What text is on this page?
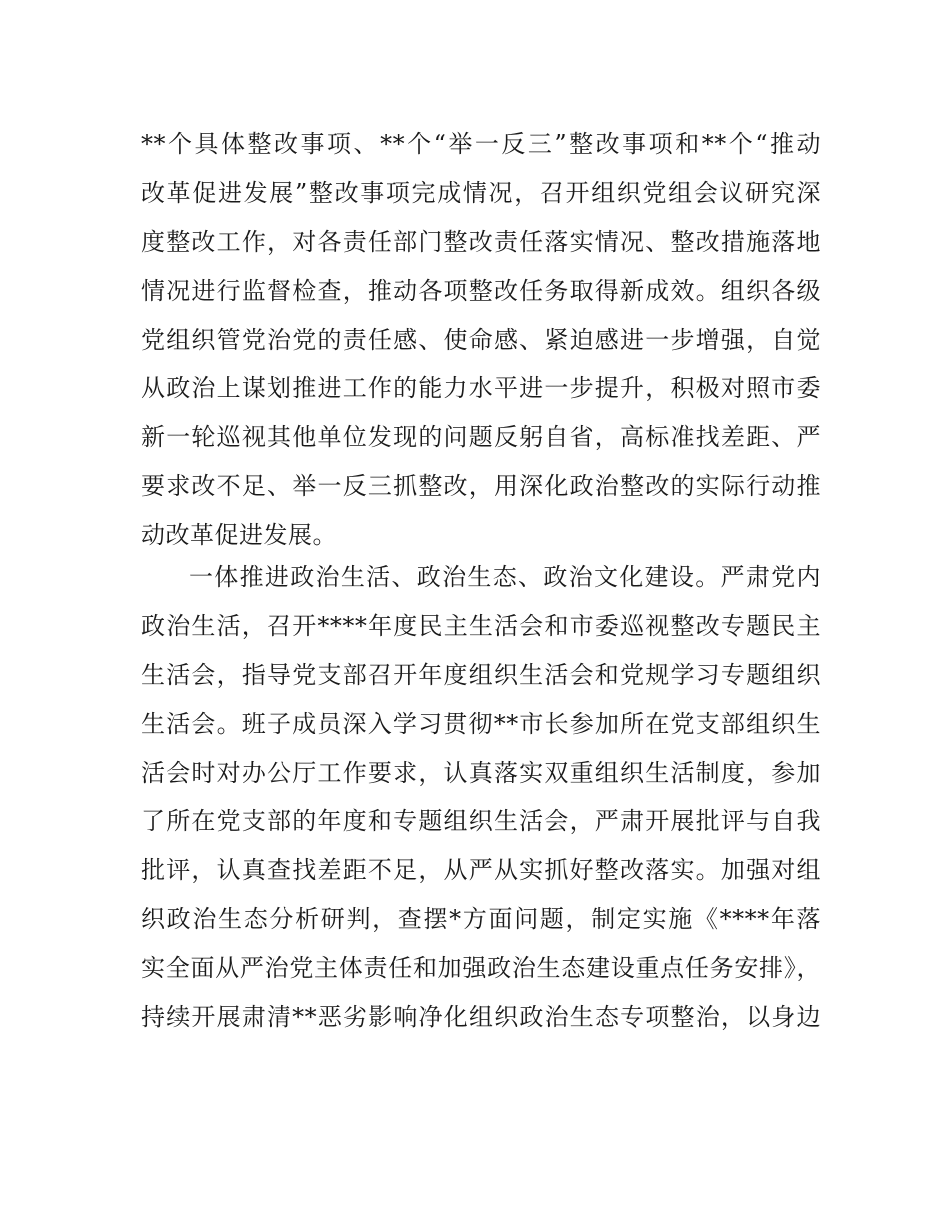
**个具体整改事项、**个“举一反三”整改事项和**个“推动
改革促进发展”整改事项完成情况，召开组织党组会议研究深
度整改工作，对各责任部门整改责任落实情况、整改措施落地
情况进行监督检查，推动各项整改任务取得新成效。组织各级
党组织管党治党的责任感、使命感、紧迫感进一步增强，自觉
从政治上谋划推进工作的能力水平进一步提升，积极对照市委
新一轮巡视其他单位发现的问题反躬自省，高标准找差距、严
要求改不足、举一反三抓整改，用深化政治整改的实际行动推
动改革促进发展。
一体推进政治生活、政治生态、政治文化建设。严肃党内
政治生活，召开****年度民主生活会和市委巡视整改专题民主
生活会，指导党支部召开年度组织生活会和党规学习专题组织
生活会。班子成员深入学习贯彻**市长参加所在党支部组织生
活会时对办公厅工作要求，认真落实双重组织生活制度，参加
了所在党支部的年度和专题组织生活会，严肃开展批评与自我
批评，认真查找差距不足，从严从实抓好整改落实。加强对组
织政治生态分析研判，查摆*方面问题，制定实施《****年落
实全面从严治党主体责任和加强政治生态建设重点任务安排》，
持续开展肃清**恶劣影响净化组织政治生态专项整治，以身边
